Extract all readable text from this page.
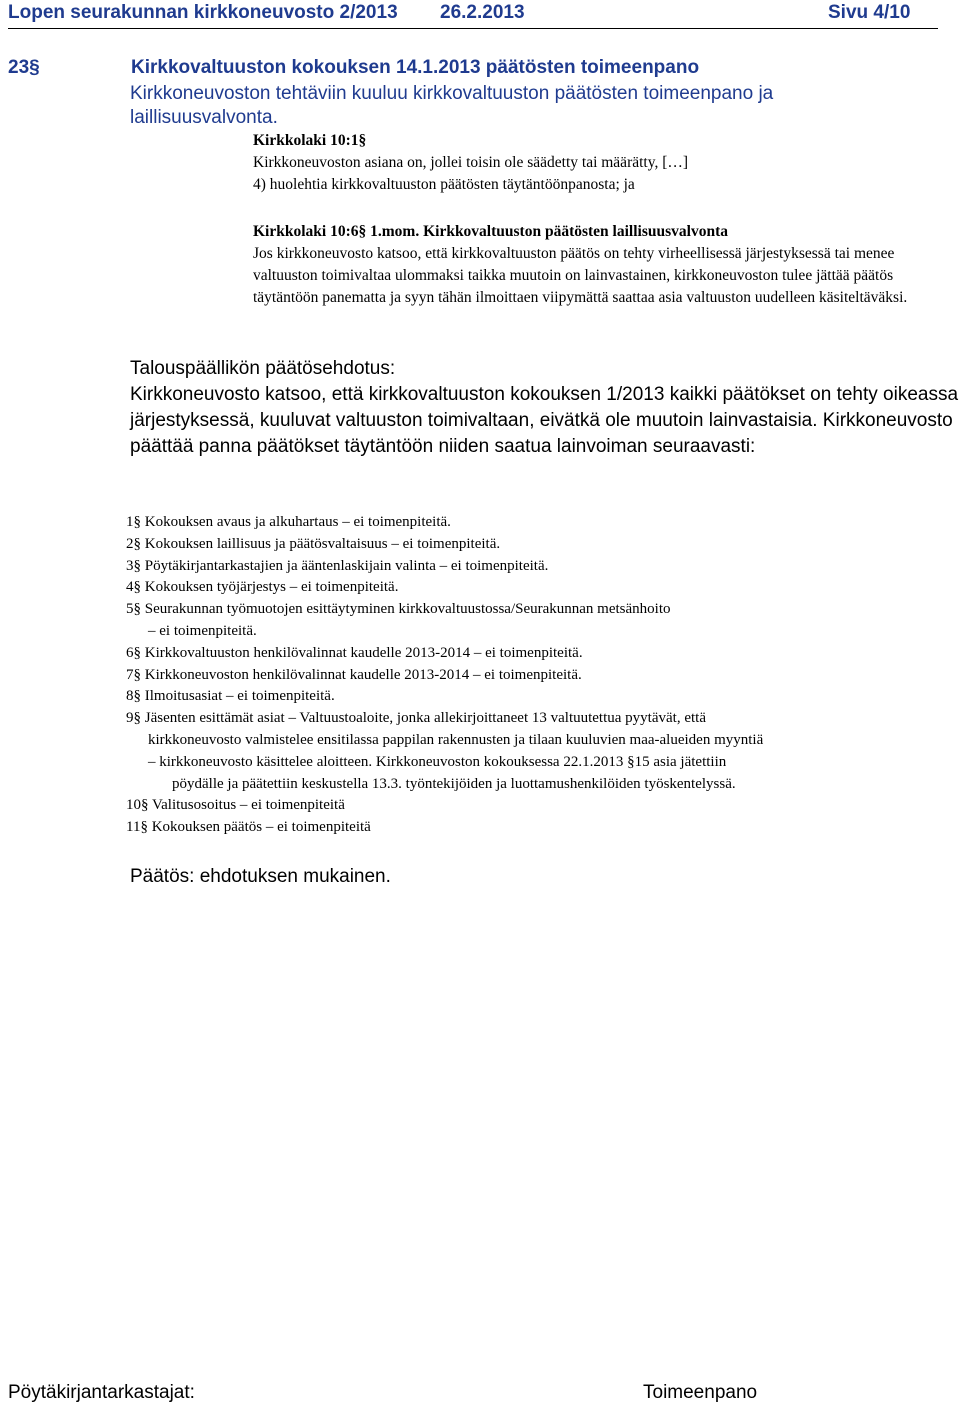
Lopen seurakunnan kirkkoneuvosto 2/2013 26.2.2013	Sivu 4/10
23§	Kirkkovaltuuston kokouksen 14.1.2013 päätösten toimeenpano
Kirkkoneuvoston tehtäviin kuuluu kirkkovaltuuston päätösten toimeenpano ja laillisuusvalvonta.

Kirkkolaki 10:1§

Kirkkoneuvoston asiana on, jollei toisin ole säädetty tai määrätty, […]

4) huolehtia kirkkovaltuuston päätösten täytäntöönpanosta; ja

Kirkkolaki 10:6§ 1.mom. Kirkkovaltuuston päätösten laillisuusvalvonta

Jos kirkkoneuvosto katsoo, että kirkkovaltuuston päätös on tehty virheellisessä järjestyksessä tai menee valtuuston toimivaltaa ulommaksi taikka muutoin on lainvastainen, kirkkoneuvoston tulee jättää päätös täytäntöön panematta ja syyn tähän ilmoittaen viipymättä saattaa asia valtuuston uudelleen käsiteltäväksi.

Talouspäällikön päätösehdotus:

Kirkkoneuvosto katsoo, että kirkkovaltuuston kokouksen 1/2013 kaikki päätökset on tehty oikeassa järjestyksessä, kuuluvat valtuuston toimivaltaan, eivätkä ole muutoin lainvastaisia. Kirkkoneuvosto päättää panna päätökset täytäntöön niiden saatua lainvoiman seuraavasti:

1§ Kokouksen avaus ja alkuhartaus – ei toimenpiteitä.
2§ Kokouksen laillisuus ja päätösvaltaisuus – ei toimenpiteitä.
3§ Pöytäkirjantarkastajien ja ääntenlaskijain valinta – ei toimenpiteitä.
4§ Kokouksen työjärjestys – ei toimenpiteitä.
5§ Seurakunnan työmuotojen esittäytyminen kirkkovaltuustossa/Seurakunnan metsänhoito
– ei toimenpiteitä.
6§ Kirkkovaltuuston henkilövalinnat kaudelle 2013-2014 – ei toimenpiteitä.
7§ Kirkkoneuvoston henkilövalinnat kaudelle 2013-2014 – ei toimenpiteitä.
8§ Ilmoitusasiat – ei toimenpiteitä.
9§ Jäsenten esittämät asiat – Valtuustoaloite, jonka allekirjoittaneet 13 valtuutettua pyytävät, että
kirkkoneuvosto valmistelee ensitilassa pappilan rakennusten ja tilaan kuuluvien maa-alueiden myyntiä
– kirkkoneuvosto käsittelee aloitteen. Kirkkoneuvoston kokouksessa 22.1.2013 §15 asia jätettiin
pöydälle ja päätettiin keskustella 13.3. työntekijöiden ja luottamushenkilöiden työskentelyssä.
10§ Valitusosoitus – ei toimenpiteitä
11§ Kokouksen päätös – ei toimenpiteitä
Päätös: ehdotuksen mukainen.
Pöytäkirjantarkastajat:	Toimeenpano
